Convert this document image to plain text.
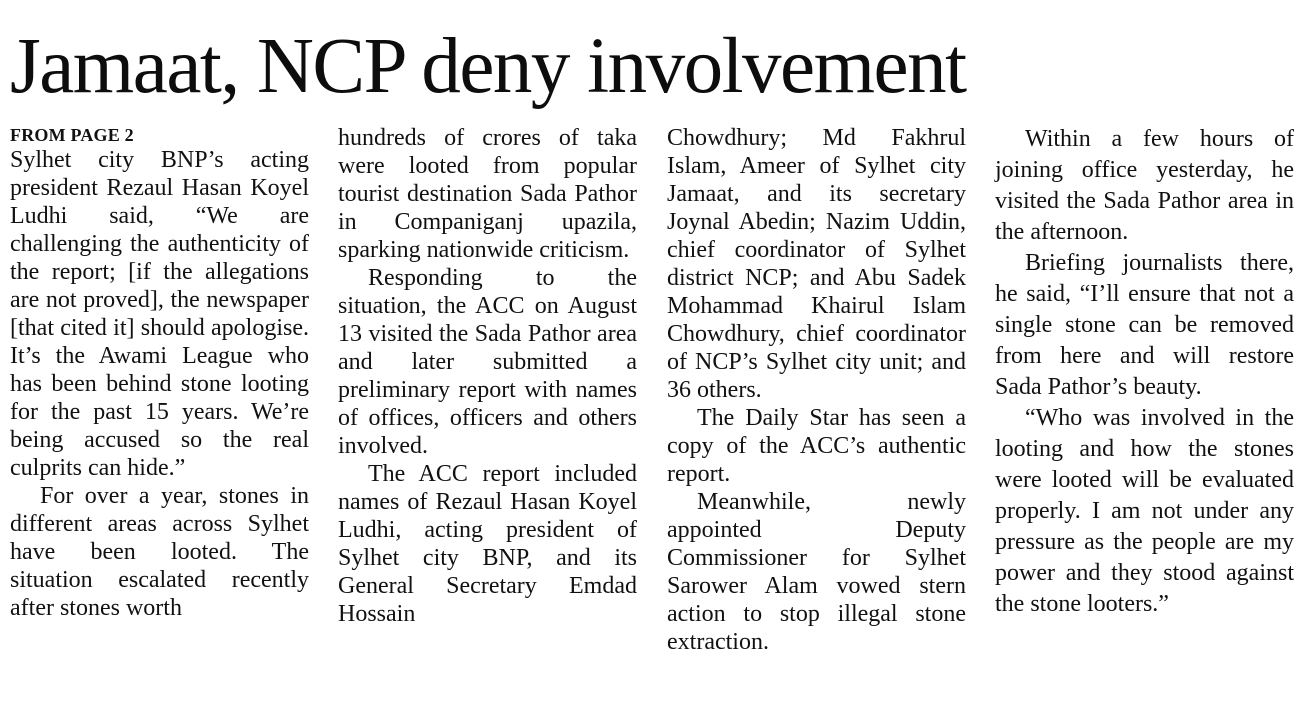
Jamaat, NCP deny involvement

FROM PAGE 2

Sylhet city BNP’s acting president Rezaul Hasan Koyel Ludhi said, “We are challenging the authenticity of the report; [if the allegations are not proved], the newspaper [that cited it] should apologise. It’s the Awami League who has been behind stone looting for the past 15 years. We’re being accused so the real culprits can hide.”

For over a year, stones in different areas across Sylhet have been looted. The situation escalated recently after stones worth

hundreds of crores of taka were looted from popular tourist destination Sada Pathor in Companiganj upazila, sparking nationwide criticism.

Responding to the situation, the ACC on August 13 visited the Sada Pathor area and later submitted a preliminary report with names of offices, officers and others involved.

The ACC report included names of Rezaul Hasan Koyel Ludhi, acting president of Sylhet city BNP, and its General Secretary Emdad Hossain

Chowdhury; Md Fakhrul Islam, Ameer of Sylhet city Jamaat, and its secretary Joynal Abedin; Nazim Uddin, chief coordinator of Sylhet district NCP; and Abu Sadek Mohammad Khairul Islam Chowdhury, chief coordinator of NCP’s Sylhet city unit; and 36 others.

The Daily Star has seen a copy of the ACC’s authentic report.

Meanwhile, newly appointed Deputy Commissioner for Sylhet Sarower Alam vowed stern action to stop illegal stone extraction.

Within a few hours of joining office yesterday, he visited the Sada Pathor area in the afternoon.

Briefing journalists there, he said, “I’ll ensure that not a single stone can be removed from here and will restore Sada Pathor’s beauty.

“Who was involved in the looting and how the stones were looted will be evaluated properly. I am not under any pressure as the people are my power and they stood against the stone looters.”
